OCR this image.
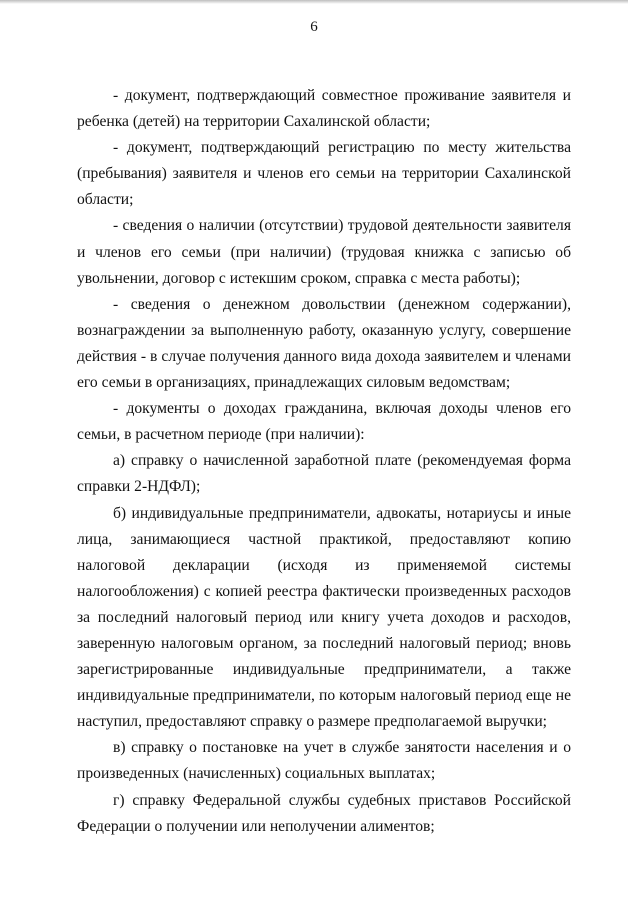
6

- документ, подтверждающий совместное проживание заявителя и ребенка (детей) на территории Сахалинской области;

- документ, подтверждающий регистрацию по месту жительства (пребывания) заявителя и членов его семьи на территории Сахалинской области;

- сведения о наличии (отсутствии) трудовой деятельности заявителя и членов его семьи (при наличии) (трудовая книжка с записью об увольнении, договор с истекшим сроком, справка с места работы);

- сведения о денежном довольствии (денежном содержании), вознаграждении за выполненную работу, оказанную услугу, совершение действия - в случае получения данного вида дохода заявителем и членами его семьи в организациях, принадлежащих силовым ведомствам;

- документы о доходах гражданина, включая доходы членов его семьи, в расчетном периоде (при наличии):

а) справку о начисленной заработной плате (рекомендуемая форма справки 2-НДФЛ);

б) индивидуальные предприниматели, адвокаты, нотариусы и иные лица, занимающиеся частной практикой, предоставляют копию налоговой декларации (исходя из применяемой системы налогообложения) с копией реестра фактически произведенных расходов за последний налоговый период или книгу учета доходов и расходов, заверенную налоговым органом, за последний налоговый период; вновь зарегистрированные индивидуальные предприниматели, а также индивидуальные предприниматели, по которым налоговый период еще не наступил, предоставляют справку о размере предполагаемой выручки;

в) справку о постановке на учет в службе занятости населения и о произведенных (начисленных) социальных выплатах;

г) справку Федеральной службы судебных приставов Российской Федерации о получении или неполучении алиментов;
